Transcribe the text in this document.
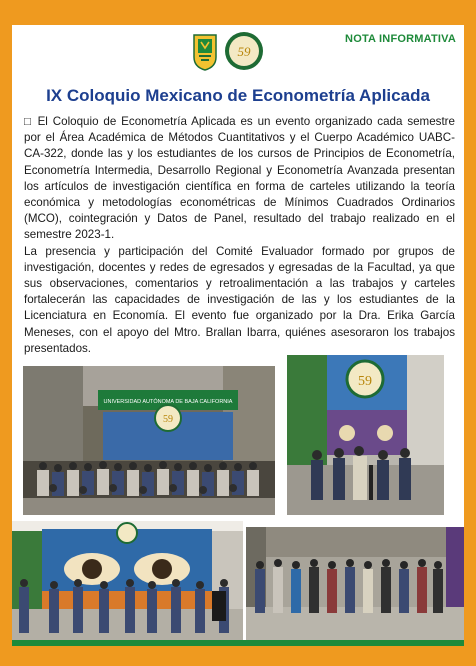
59
NOTA INFORMATIVA
IX Coloquio Mexicano de Econometría Aplicada

□ El Coloquio de Econometría Aplicada es un evento organizado cada semestre por el Área Académica de Métodos Cuantitativos y el Cuerpo Académico UABC-CA-322, donde las y los estudiantes de los cursos de Principios de Econometría, Econometría Intermedia, Desarrollo Regional y Econometría Avanzada presentan los artículos de investigación científica en forma de carteles utilizando la teoría económica y metodologías econométricas de Mínimos Cuadrados Ordinarios (MCO), cointegración y Datos de Panel, resultado del trabajo realizado en el semestre 2023-1.

La presencia y participación del Comité Evaluador formado por grupos de investigación, docentes y redes de egresados y egresadas de la Facultad, ya que sus observaciones, comentarios y retroalimentación a las trabajos y carteles fortalecerán las capacidades de investigación de las y los estudiantes de la Licenciatura en Economía. El evento fue organizado por la Dra. Erika García Meneses, con el apoyo del Mtro. Brallan Ibarra, quiénes asesoraron los trabajos presentados.

UNIVERSIDAD AUTÓNOMA DE BAJA CALIFORNIA
59
59
